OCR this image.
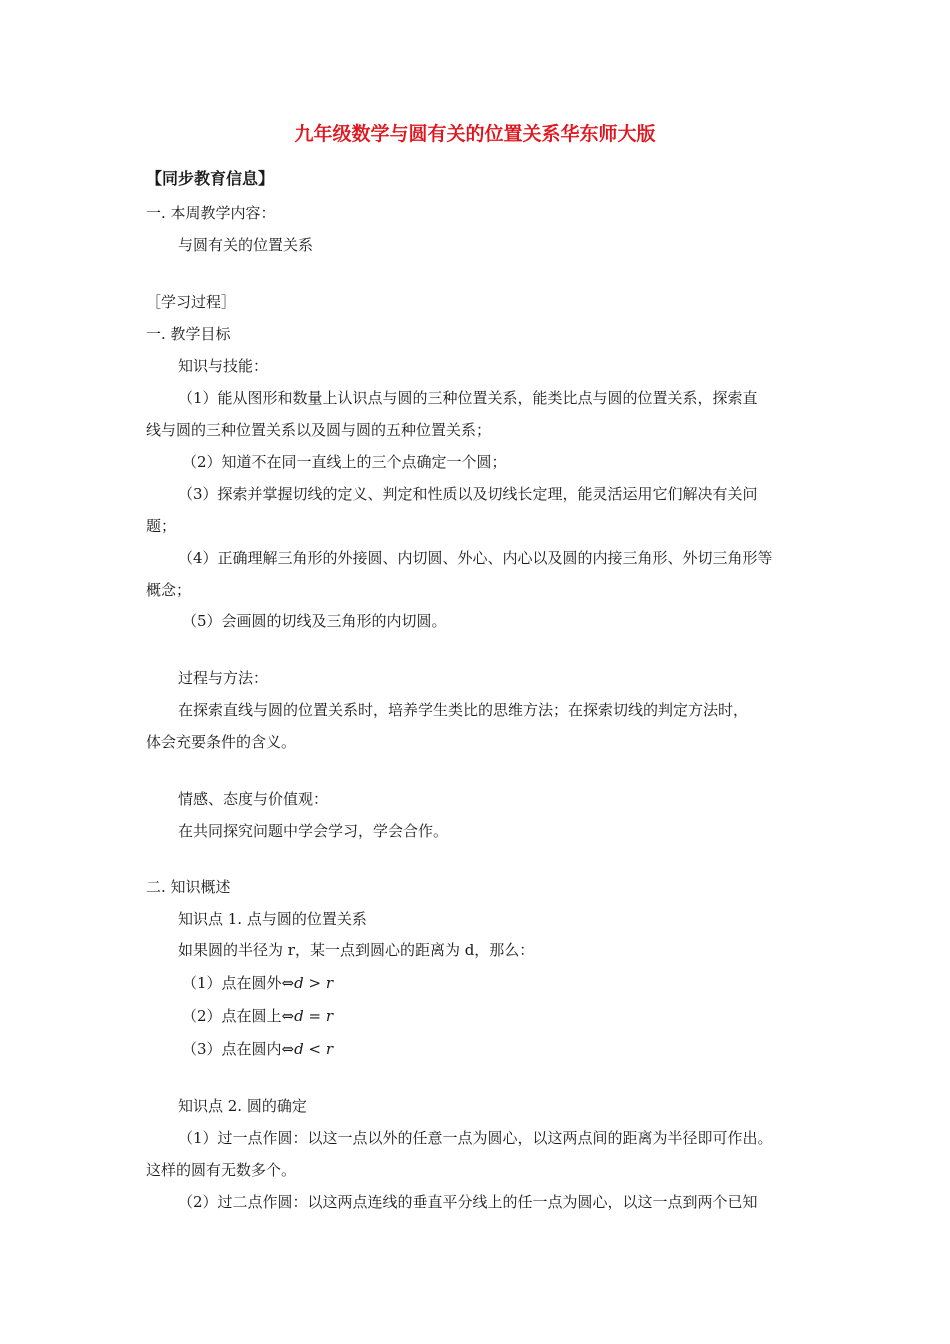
九年级数学与圆有关的位置关系华东师大版
【同步教育信息】
一. 本周教学内容：
与圆有关的位置关系
［学习过程］
一. 教学目标
知识与技能：
（1）能从图形和数量上认识点与圆的三种位置关系，能类比点与圆的位置关系，探索直
线与圆的三种位置关系以及圆与圆的五种位置关系；
（2）知道不在同一直线上的三个点确定一个圆；
（3）探索并掌握切线的定义、判定和性质以及切线长定理，能灵活运用它们解决有关问
题；
（4）正确理解三角形的外接圆、内切圆、外心、内心以及圆的内接三角形、外切三角形等
概念；
（5）会画圆的切线及三角形的内切圆。
过程与方法：
在探索直线与圆的位置关系时，培养学生类比的思维方法；在探索切线的判定方法时，
体会充要条件的含义。
情感、态度与价值观：
在共同探究问题中学会学习，学会合作。
二. 知识概述
知识点 1. 点与圆的位置关系
如果圆的半径为 r，某一点到圆心的距离为 d，那么：
（1）点在圆外⇔d > r
（2）点在圆上⇔d = r
（3）点在圆内⇔d < r
知识点 2. 圆的确定
（1）过一点作圆：以这一点以外的任意一点为圆心，以这两点间的距离为半径即可作出。
这样的圆有无数多个。
（2）过二点作圆：以这两点连线的垂直平分线上的任一点为圆心，以这一点到两个已知
